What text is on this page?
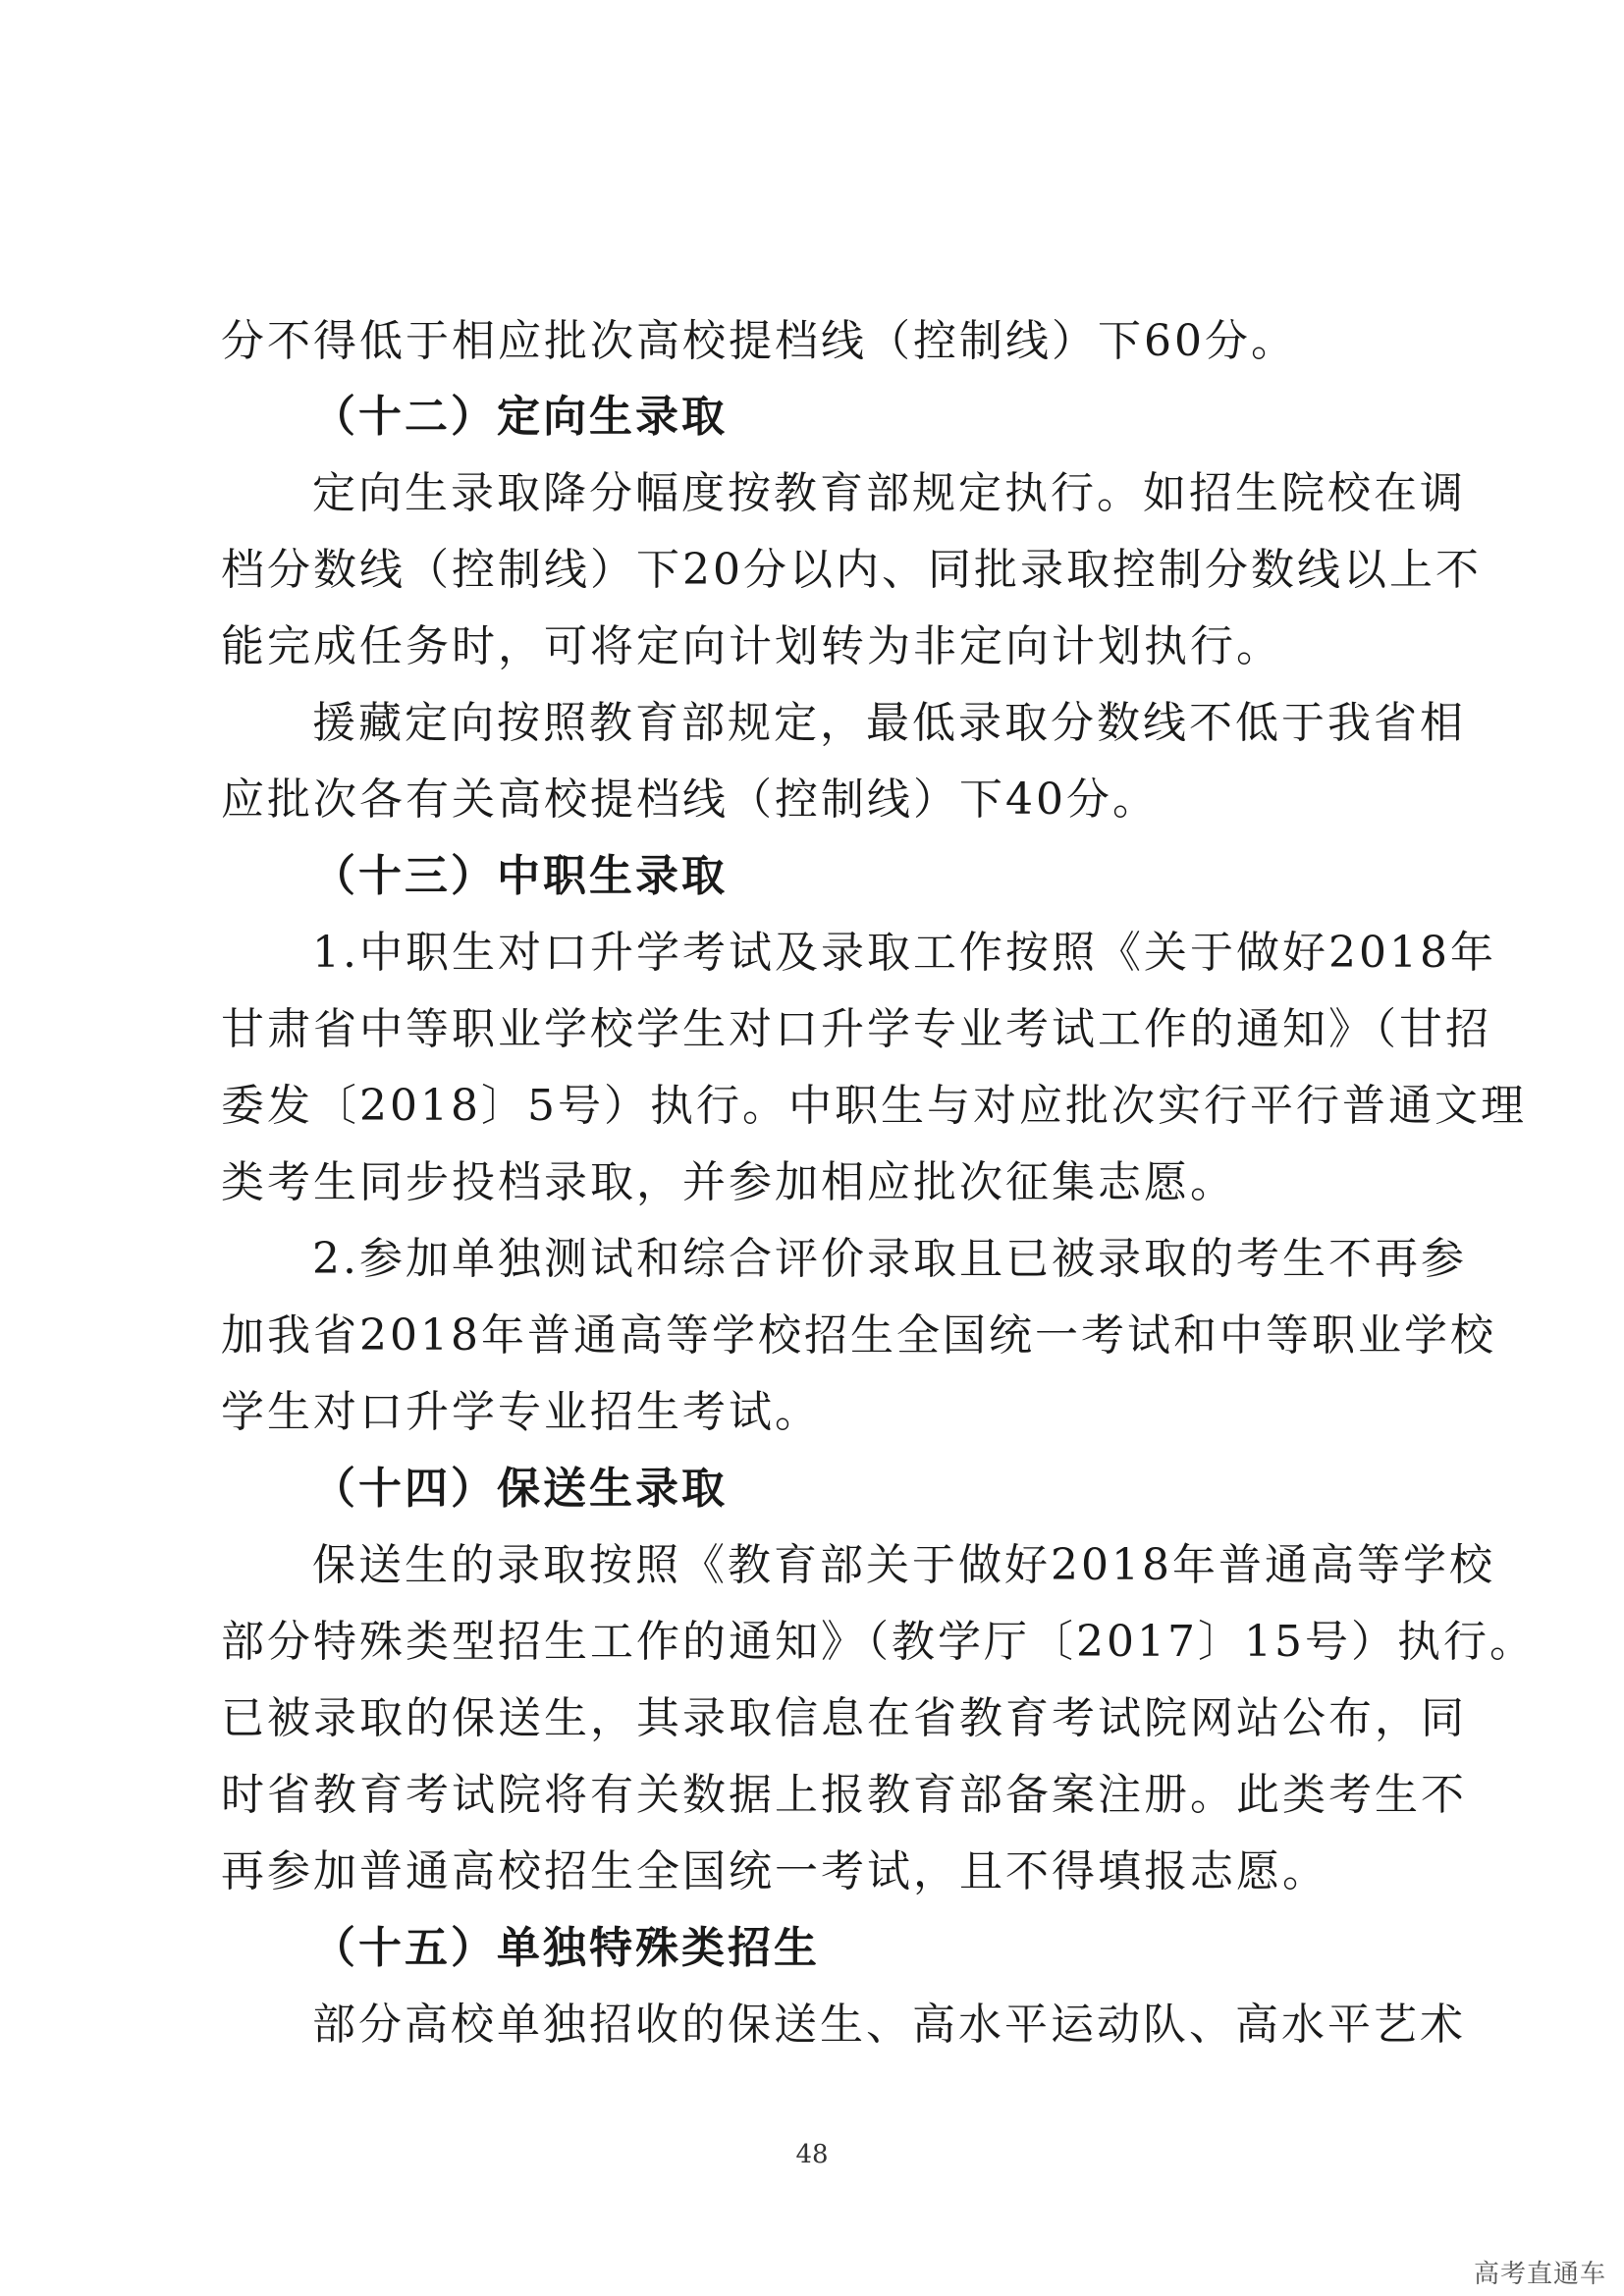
分不得低于相应批次高校提档线（控制线）下60分。

（十二）定向生录取

定向生录取降分幅度按教育部规定执行。如招生院校在调

档分数线（控制线）下20分以内、同批录取控制分数线以上不

能完成任务时，可将定向计划转为非定向计划执行。

援藏定向按照教育部规定，最低录取分数线不低于我省相

应批次各有关高校提档线（控制线）下40分。

（十三）中职生录取

1.中职生对口升学考试及录取工作按照《关于做好2018年

甘肃省中等职业学校学生对口升学专业考试工作的通知》（甘招

委发〔2018〕5号）执行。中职生与对应批次实行平行普通文理

类考生同步投档录取，并参加相应批次征集志愿。

2.参加单独测试和综合评价录取且已被录取的考生不再参

加我省2018年普通高等学校招生全国统一考试和中等职业学校

学生对口升学专业招生考试。

（十四）保送生录取

保送生的录取按照《教育部关于做好2018年普通高等学校

部分特殊类型招生工作的通知》（教学厅〔2017〕15号）执行。

已被录取的保送生，其录取信息在省教育考试院网站公布，同

时省教育考试院将有关数据上报教育部备案注册。此类考生不

再参加普通高校招生全国统一考试，且不得填报志愿。

（十五）单独特殊类招生

部分高校单独招收的保送生、高水平运动队、高水平艺术

48
高考直通车
